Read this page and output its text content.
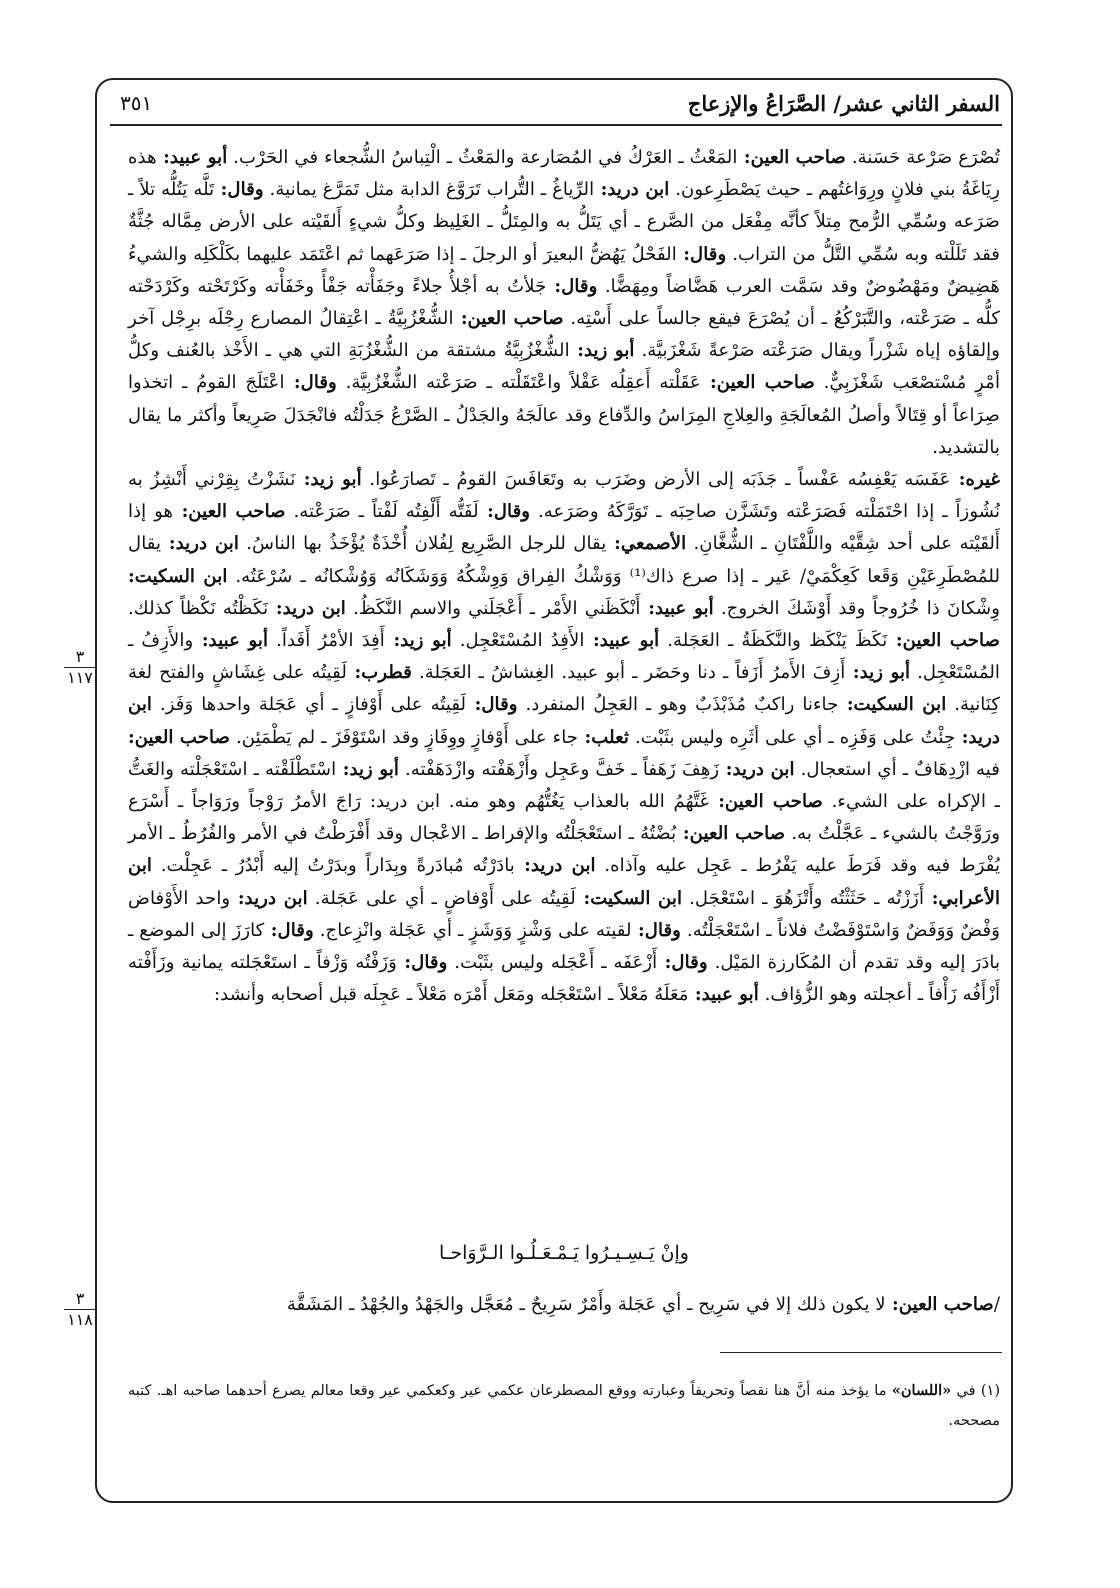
السفر الثاني عشر/ الصَّرَاعُ والإزعاج
٣٥١

تُصْرَع صَرْعة حَسَنة. صاحب العين: المَعْثُ ـ العَرْكُ في المُصَارعة والمَعْثُ ـ الْتِباسُ الشُّجعاء في الحَرْب. أبو عبيد: هذه رِيَاغَةُ بني فلانٍ ورِوَاغتُهم ـ حيث يَصْطَرِعون. ابن دريد: الرِّياغُ ـ التُّراب تَرَوَّغ الدابة مثل تَمَرَّغ يمانية. وقال: تَلَّه يَتُلُّه تلاً ـ صَرَعه وسُمِّي الرُّمح مِتلاً كأنَّه مِفْعَل من الصَّرع ـ أي يَتَلُّ به والمِتَلُّ ـ الغَلِيظ وكلُّ شيءٍ أَلقَيْته على الأرض مِمَّاله جُثَّةٌ فقد تَلَلْته وبه سُمِّي التَّلُّ من التراب. وقال: الفَحْلُ يَهُضُّ البعيرَ أو الرجلَ ـ إذا صَرَعَهما ثم اعْتَمَد عليهما بكَلْكَلِه والشيءُ هَضِيضٌ ومَهْضُوضٌ وقد سَمَّت العرب هَضَّاضاً ومِهَضًّا. وقال: جَلأتُ به أجْلأُ جلاءً وجَفَأْته جَفْأً وخَفَأْته وكَرْتَحْته وكَرْدَحْته كلُّه ـ صَرَعْته، والتَّبَرْكُعُ ـ أن يُصْرَعَ فيقع جالساً على أَسْتِه. صاحب العين: الشُّغْزُبِيَّةُ ـ اعْتِقالُ المصارع رِجْلَه برِجْل آخر وإلقاؤه إياه شَزْراً ويقال صَرَعْته صَرْعةً شَغْزَبيَّة. أبو زيد: الشُّغْزُبِيَّةُ مشتقة من الشُّغْزُبَةِ التي هي ـ الأَخْذ بالعُنف وكلُّ أمْرٍ مُسْتصْعَب شَغْزَبِيٌّ. صاحب العين: عَقَلْته أَعقِلُه عَقْلاً واعْتَقَلْته ـ صَرَعْته الشُّغْزُبِيَّة. وقال: اعْتَلَجَ القومُ ـ اتخذوا صِرَاعاً أو قِتَالاً وأصلُ المُعالَجَةِ والعِلاجِ المِرَاسُ والدِّفاع وقد عالَجَهُ والجَدْلُ ـ الصَّرْعُ جَدَلْتُه فانْجَدَلَ صَرِيعاً وأكثر ما يقال بالتشديد.

غيره: عَفَسَه يَعْفِسُه عَفْساً ـ جَذَبَه إلى الأرض وضَرَب به وتَعَافَسَ القومُ ـ تَصارَعُوا. أبو زيد: نَشَزْتُ بِقِرْني أَنْشِزُ به نُشُوزاً ـ إذا احْتَمَلْته فَصَرَعْته وتَشَزَّن صاحِبَه ـ تَوَرَّكَهُ وصَرَعه. وقال: لَفَتُّه أَلْفِتُه لَفْتاً ـ صَرَعْته. صاحب العين: هو إذا أَلقَيْته على أحد شِقَّيْه واللَّفْتَانِ ـ الشُّغَّانِ. الأصمعي: يقال للرجل الصَّرِيع لِفُلان أُخْذَةٌ يُؤْخَذُ بها الناسُ. ابن دريد: يقال للمُصْطَرِعَيْنِ وَقَعا كَعِكْمَيْ/ عَير ـ إذا صرع ذاك⁽¹⁾ وَوَشْكُ الفِراق وَوِشْكُهُ وَوَشَكَانُه وَوُشْكانُه ـ سُرْعَتُه. ابن السكيت: وِشْكانَ ذا خُرُوجاً وقد أَوْشَكَ الخروج. أبو عبيد: أَنْكَظَني الأَمْر ـ أَعْجَلَني والاسم النَّكَظُ. ابن دريد: نَكَظْتُه نَكْظاً كذلك. صاحب العين: نَكَظَ يَنْكَظ والنَّكَظَةُ ـ العَجَلة. أبو عبيد: الأَفِدُ المُسْتَعْجِل. أبو زيد: أَفِدَ الأمْرُ أَفَداً. أبو عبيد: والأَزِفُ ـ المُسْتَعْجِل. أبو زيد: أَزِفَ الأَمرُ أَزَفاً ـ دنا وحَضَر ـ أبو عبيد. الغِشاشُ ـ العَجَلة. قطرب: لَقِيتُه على غِشَاشٍ والفتح لغة كِنَانية. ابن السكيت: جاءنا راكبٌ مُذَبْذَبٌ وهو ـ العَجِلُ المنفرد. وقال: لَقِيتُه على أَوْفازٍ ـ أي عَجَلة واحدها وَفَز. ابن دريد: جِئْتُ على وَفَزِه ـ أي على أثَرِه وليس بثَبْت. ثعلب: جاء على أَوْفازٍ ووِفَازٍ وقد اسْتَوْفَزَ ـ لم يَطْمَئِن. صاحب العين: فيه ازْدِهَافٌ ـ أي استعجال. ابن دريد: زَهِفَ زَهَفاً ـ خَفَّ وعَجِل وأَزْهَفْته وازْدَهَفْته. أبو زيد: اسْتَطْلَقْته ـ اسْتَعْجَلْته والغَتُّ ـ الإكراه على الشيء. صاحب العين: غَتَّهُمُ الله بالعذاب يَغُتُّهُم وهو منه. ابن دريد: رَاجَ الأمرُ رَوْجاً ورَوَاجاً ـ أَسْرَع ورَوَّجْتُ بالشيء ـ عَجَّلْتُ به. صاحب العين: بُضْتُهُ ـ استَعْجَلْتُه والإفراط ـ الاعْجال وقد أَفْرَطْتُ في الأمر والفُرُطُ ـ الأمر يُفْرَط فيه وقد فَرَطَ عليه يَفْرُط ـ عَجِل عليه وآذاه. ابن دريد: بادَرْتُه مُبادَرةً وبِدَاراً وبدَرْتُ إليه أَبْدُرُ ـ عَجِلْت. ابن الأعرابي: أَزَزْتُه ـ حَثَثْتُه وأَتْزَهُوَ ـ اسْتَعْجَل. ابن السكيت: لَقِيتُه على أَوْفاضٍ ـ أي على عَجَلة. ابن دريد: واحد الأَوْفاض وَفْضٌ وَوَفَضٌ وَاسْتَوْفَضْتُ فلاناً ـ اسْتَعْجَلْتُه. وقال: لقيته على وَشْزٍ وَوَشَزٍ ـ أي عَجَلة وانْزِعاج. وقال: كارَزَ إلى الموضع ـ بادَرَ إليه وقد تقدم أن المُكَارزة المَيْل. وقال: أَزْعَفَه ـ أَعْجَله وليس بثَبْت. وقال: وَزَفْتُه وَزْفاً ـ استَعْجَلته يمانية وزَأَفْته أَزْأَفُه زَأْفاً ـ أعجلته وهو الزُّؤاف. أبو عبيد: مَعَلَهُ مَعْلاً ـ اسْتَعْجَله ومَعَل أَمْرَه مَعْلاً ـ عَجِلَه قبل أصحابه وأنشد:

٣
١١٧
٣
١١٨
وإنْ يَـسِـيـرُوا يَـمْـعَـلُـوا الـرَّوَاحـا
/صاحب العين: لا يكون ذلك إلا في سَرِيح ـ أي عَجَلة وأَمْرٌ سَرِيحٌ ـ مُعَجَّل والجَهْدُ والجُهْدُ ـ المَشَقَّة
(١) في «اللسان» ما يؤخذ منه أنَّ هنا نقصاً وتحريفاً وعبارته ووقع المصطرعان عكمي عير وكعكمي عير وقعا معالم يصرع أحدهما صاحبه اهـ. كتبه مصححه.
